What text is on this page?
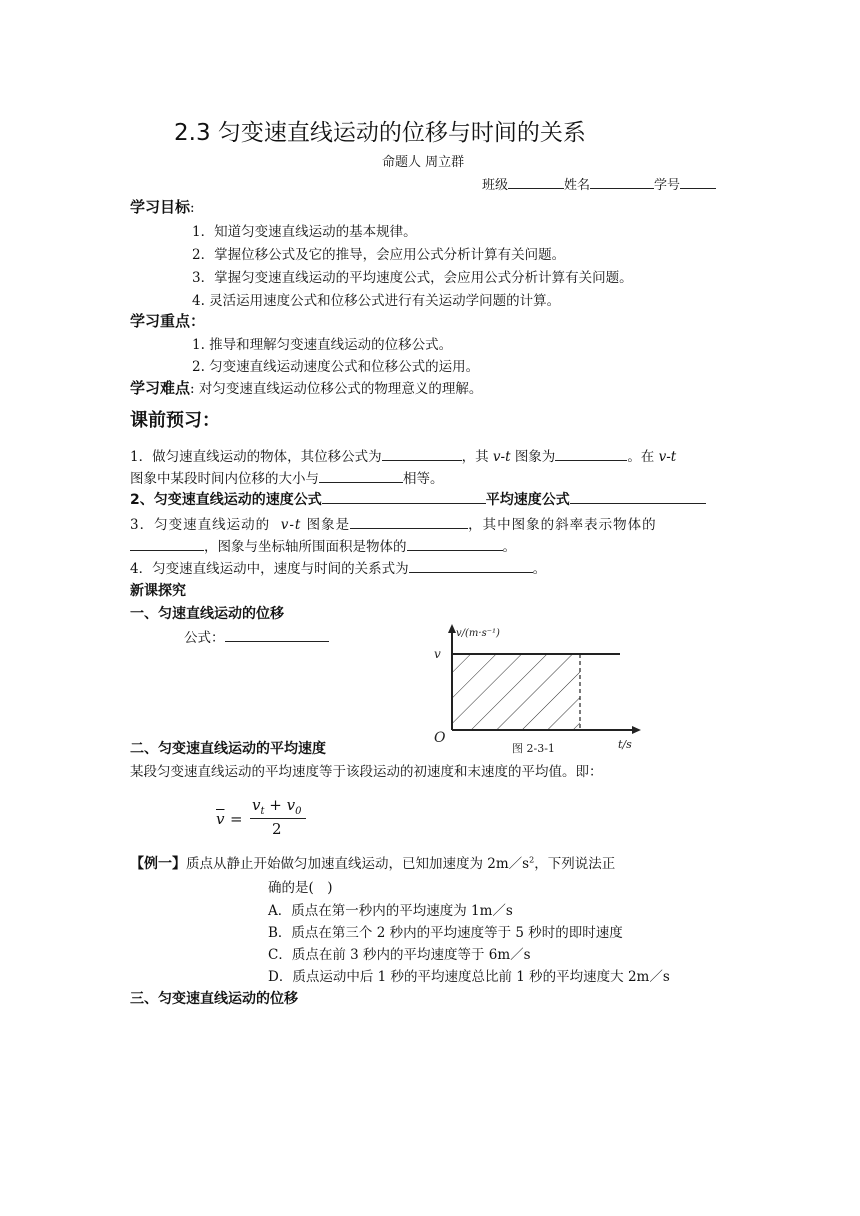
2.3 匀变速直线运动的位移与时间的关系
命题人 周立群
班级	姓名	学号
学习目标:
1．知道匀变速直线运动的基本规律。
2．掌握位移公式及它的推导，会应用公式分析计算有关问题。
3．掌握匀变速直线运动的平均速度公式，会应用公式分析计算有关问题。
4. 灵活运用速度公式和位移公式进行有关运动学问题的计算。
学习重点：
1. 推导和理解匀变速直线运动的位移公式。
2. 匀变速直线运动速度公式和位移公式的运用。
学习难点: 对匀变速直线运动位移公式的物理意义的理解。
课前预习：
1．做匀速直线运动的物体，其位移公式为	，其 v-t 图象为	。在 v-t
图象中某段时间内位移的大小与	相等。
2、匀变速直线运动的速度公式	平均速度公式
3．匀变速直线运动的 v-t 图象是	，其中图象的斜率表示物体的
，图象与坐标轴所围面积是物体的	。
4．匀变速直线运动中，速度与时间的关系式为	。
新课探究
一、匀速直线运动的位移
公式：	v/(m·s⁻¹)
v
O
图 2-3-1	t/s
二、匀变速直线运动的平均速度
某段匀变速直线运动的平均速度等于该段运动的初速度和末速度的平均值。即：
$\overline{v}$ =
$v_t + v_0$
2
【例一】质点从静止开始做匀加速直线运动，已知加速度为 $2m/s^2$，下列说法正
确的是(　)
A．质点在第一秒内的平均速度为 1m／s
B．质点在第三个 2 秒内的平均速度等于 5 秒时的即时速度
C．质点在前 3 秒内的平均速度等于 6m／s
D．质点运动中后 1 秒的平均速度总比前 1 秒的平均速度大 2m／s
三、匀变速直线运动的位移
